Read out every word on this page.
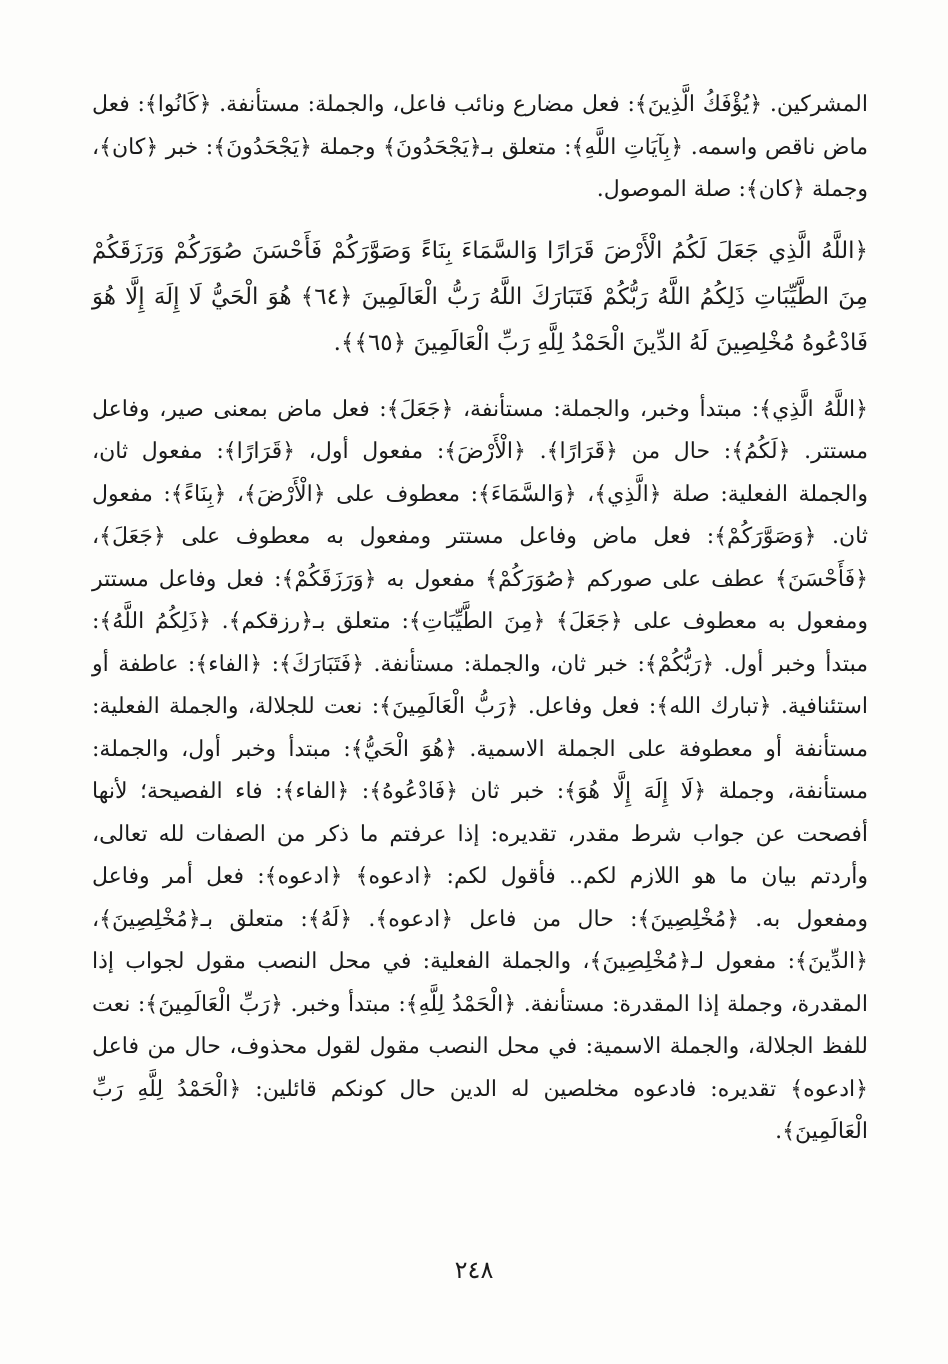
المشركين. ﴿يُؤْفَكُ الَّذِينَ﴾: فعل مضارع ونائب فاعل، والجملة: مستأنفة. ﴿كَانُوا﴾: فعل ماض ناقص واسمه. ﴿بِآيَاتِ اللَّهِ﴾: متعلق بـ﴿يَجْحَدُونَ﴾ وجملة ﴿يَجْحَدُونَ﴾: خبر ﴿كان﴾، وجملة ﴿كان﴾: صلة الموصول.

﴿اللَّهُ الَّذِي جَعَلَ لَكُمُ الْأَرْضَ قَرَارًا وَالسَّمَاءَ بِنَاءً وَصَوَّرَكُمْ فَأَحْسَنَ صُوَرَكُمْ وَرَزَقَكُمْ مِنَ الطَّيِّبَاتِ ذَلِكُمُ اللَّهُ رَبُّكُمْ فَتَبَارَكَ اللَّهُ رَبُّ الْعَالَمِينَ ﴿٦٤﴾ هُوَ الْحَيُّ لَا إِلَهَ إِلَّا هُوَ فَادْعُوهُ مُخْلِصِينَ لَهُ الدِّينَ الْحَمْدُ لِلَّهِ رَبِّ الْعَالَمِينَ ﴿٦٥﴾﴾.

﴿اللَّهُ الَّذِي﴾: مبتدأ وخبر، والجملة: مستأنفة، ﴿جَعَلَ﴾: فعل ماض بمعنى صير، وفاعل مستتر. ﴿لَكُمُ﴾: حال من ﴿قَرَارًا﴾. ﴿الْأَرْضَ﴾: مفعول أول، ﴿قَرَارًا﴾: مفعول ثان، والجملة الفعلية: صلة ﴿الَّذِي﴾، ﴿وَالسَّمَاءَ﴾: معطوف على ﴿الْأَرْضَ﴾، ﴿بِنَاءً﴾: مفعول ثان. ﴿وَصَوَّرَكُمْ﴾: فعل ماض وفاعل مستتر ومفعول به معطوف على ﴿جَعَلَ﴾، ﴿فَأَحْسَنَ﴾ عطف على صوركم ﴿صُوَرَكُمْ﴾ مفعول به ﴿وَرَزَقَكُمْ﴾: فعل وفاعل مستتر ومفعول به معطوف على ﴿جَعَلَ﴾ ﴿مِنَ الطَّيِّبَاتِ﴾: متعلق بـ﴿رزقكم﴾. ﴿ذَلِكُمُ اللَّهُ﴾: مبتدأ وخبر أول. ﴿رَبُّكُمْ﴾: خبر ثان، والجملة: مستأنفة. ﴿فَتَبَارَكَ﴾: ﴿الفاء﴾: عاطفة أو استئنافية. ﴿تبارك الله﴾: فعل وفاعل. ﴿رَبُّ الْعَالَمِينَ﴾: نعت للجلالة، والجملة الفعلية: مستأنفة أو معطوفة على الجملة الاسمية. ﴿هُوَ الْحَيُّ﴾: مبتدأ وخبر أول، والجملة: مستأنفة، وجملة ﴿لَا إِلَهَ إِلَّا هُوَ﴾: خبر ثان ﴿فَادْعُوهُ﴾: ﴿الفاء﴾: فاء الفصيحة؛ لأنها أفصحت عن جواب شرط مقدر، تقديره: إذا عرفتم ما ذكر من الصفات لله تعالى، وأردتم بيان ما هو اللازم لكم.. فأقول لكم: ﴿ادعوه﴾ ﴿ادعوه﴾: فعل أمر وفاعل ومفعول به. ﴿مُخْلِصِينَ﴾: حال من فاعل ﴿ادعوه﴾. ﴿لَهُ﴾: متعلق بـ﴿مُخْلِصِينَ﴾، ﴿الدِّينَ﴾: مفعول لـ﴿مُخْلِصِينَ﴾، والجملة الفعلية: في محل النصب مقول لجواب إذا المقدرة، وجملة إذا المقدرة: مستأنفة. ﴿الْحَمْدُ لِلَّهِ﴾: مبتدأ وخبر. ﴿رَبِّ الْعَالَمِينَ﴾: نعت للفظ الجلالة، والجملة الاسمية: في محل النصب مقول لقول محذوف، حال من فاعل ﴿ادعوه﴾ تقديره: فادعوه مخلصين له الدين حال كونكم قائلين: ﴿الْحَمْدُ لِلَّهِ رَبِّ الْعَالَمِينَ﴾.

٢٤٨
